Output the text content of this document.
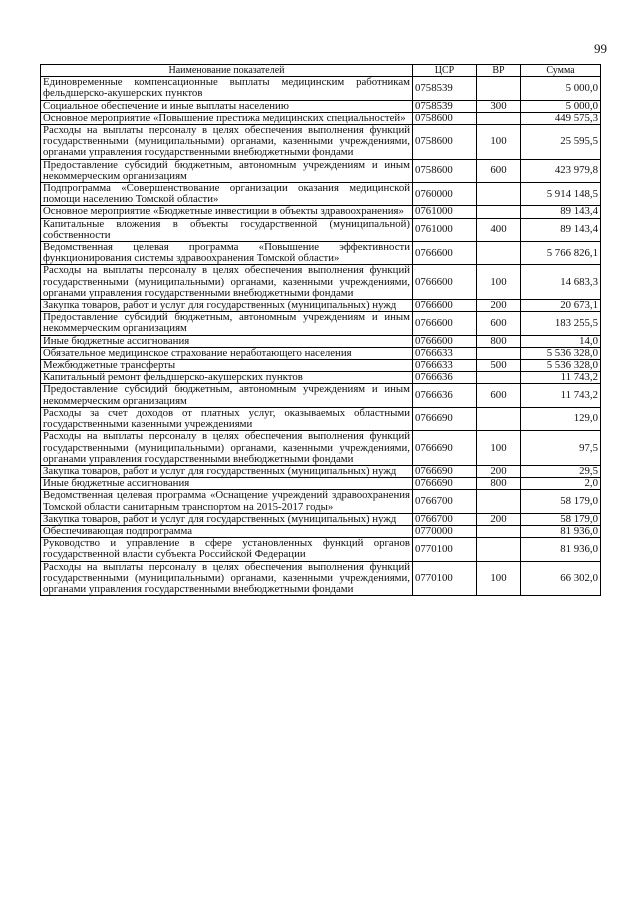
99
Наименование показателей	ЦСР	ВР	Сумма
Единовременные компенсационные выплаты медицинским работникам фельдшерско-акушерских пунктов	0758539		5 000,0
Социальное обеспечение и иные выплаты населению	0758539	300	5 000,0
Основное мероприятие «Повышение престижа медицинских специальностей»	0758600		449 575,3
Расходы на выплаты персоналу в целях обеспечения выполнения функций государственными (муниципальными) органами, казенными учреждениями, органами управления государственными внебюджетными фондами	0758600	100	25 595,5
Предоставление субсидий бюджетным, автономным учреждениям и иным некоммерческим организациям	0758600	600	423 979,8
Подпрограмма «Совершенствование организации оказания медицинской помощи населению Томской области»	0760000		5 914 148,5
Основное мероприятие «Бюджетные инвестиции в объекты здравоохранения»	0761000		89 143,4
Капитальные вложения в объекты государственной (муниципальной) собственности	0761000	400	89 143,4
Ведомственная целевая программа «Повышение эффективности функционирования системы здравоохранения Томской области»	0766600		5 766 826,1
Расходы на выплаты персоналу в целях обеспечения выполнения функций государственными (муниципальными) органами, казенными учреждениями, органами управления государственными внебюджетными фондами	0766600	100	14 683,3
Закупка товаров, работ и услуг для государственных (муниципальных) нужд	0766600	200	20 673,1
Предоставление субсидий бюджетным, автономным учреждениям и иным некоммерческим организациям	0766600	600	183 255,5
Иные бюджетные ассигнования	0766600	800	14,0
Обязательное медицинское страхование неработающего населения	0766633		5 536 328,0
Межбюджетные трансферты	0766633	500	5 536 328,0
Капитальный ремонт фельдшерско-акушерских пунктов	0766636		11 743,2
Предоставление субсидий бюджетным, автономным учреждениям и иным некоммерческим организациям	0766636	600	11 743,2
Расходы за счет доходов от платных услуг, оказываемых областными государственными казенными учреждениями	0766690		129,0
Расходы на выплаты персоналу в целях обеспечения выполнения функций государственными (муниципальными) органами, казенными учреждениями, органами управления государственными внебюджетными фондами	0766690	100	97,5
Закупка товаров, работ и услуг для государственных (муниципальных) нужд	0766690	200	29,5
Иные бюджетные ассигнования	0766690	800	2,0
Ведомственная целевая программа «Оснащение учреждений здравоохранения Томской области санитарным транспортом на 2015-2017 годы»	0766700		58 179,0
Закупка товаров, работ и услуг для государственных (муниципальных) нужд	0766700	200	58 179,0
Обеспечивающая подпрограмма	0770000		81 936,0
Руководство и управление в сфере установленных функций органов государственной власти субъекта Российской Федерации	0770100		81 936,0
Расходы на выплаты персоналу в целях обеспечения выполнения функций государственными (муниципальными) органами, казенными учреждениями, органами управления государственными внебюджетными фондами	0770100	100	66 302,0
